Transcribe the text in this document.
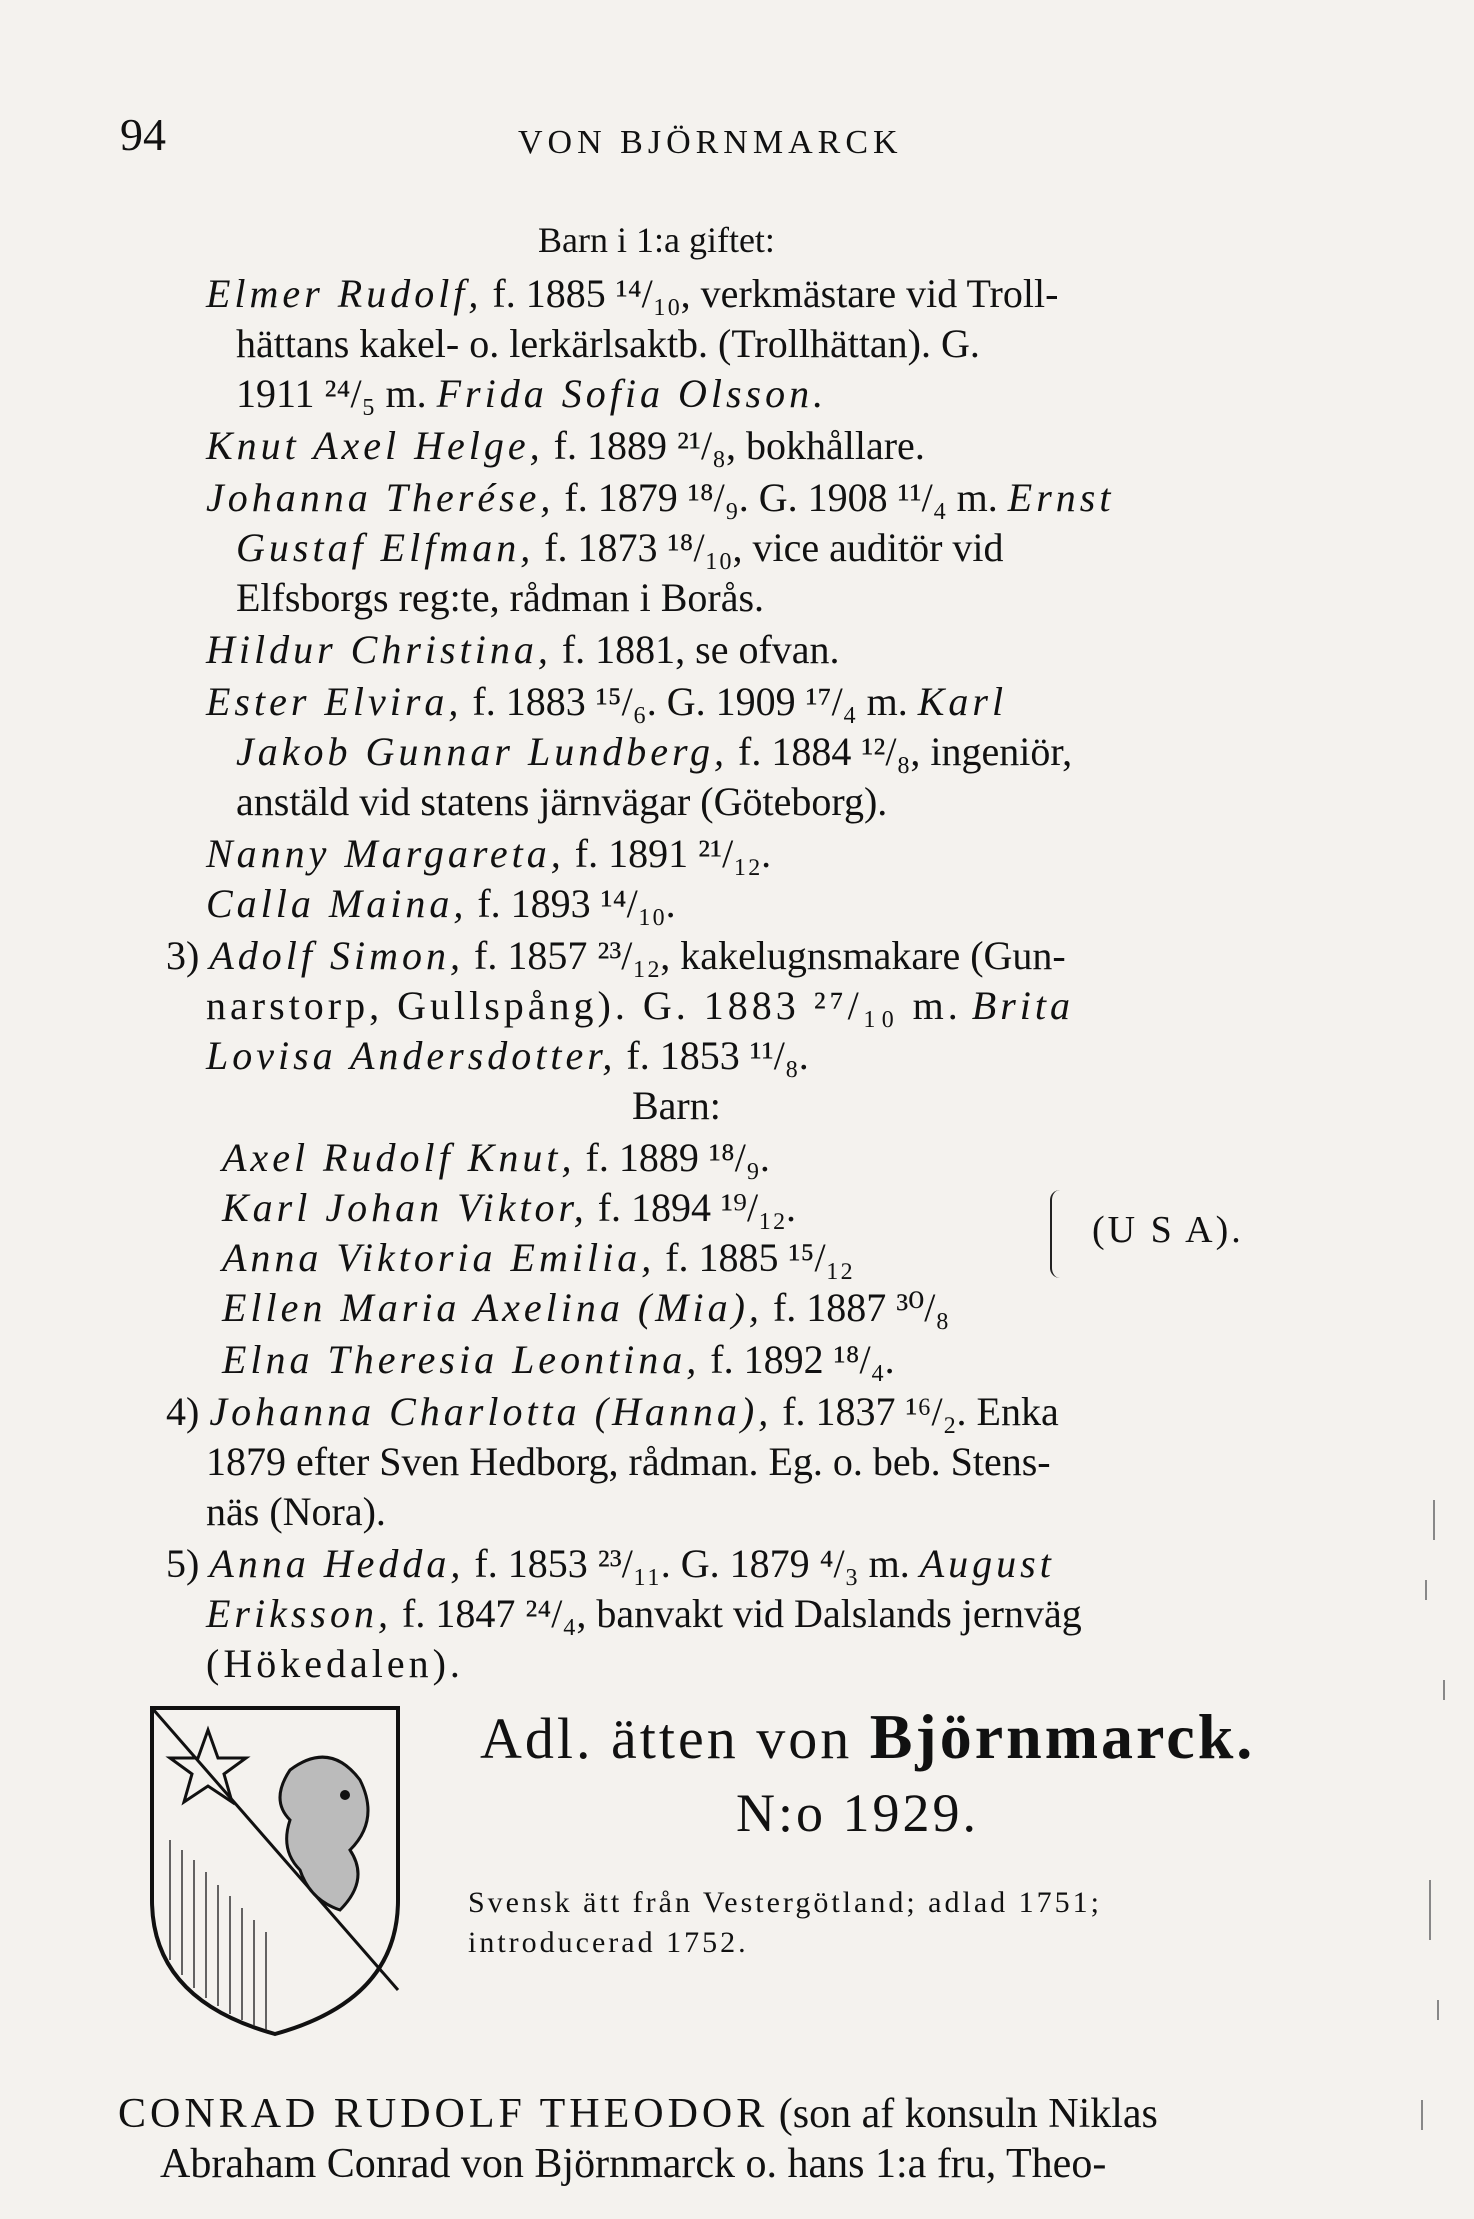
94	VON BJÖRNMARCK
Barn i 1:a giftet:
Elmer Rudolf, f. 1885 ¹⁴/₁₀, verkmästare vid Troll-
hättans kakel- o. lerkärlsaktb. (Trollhättan). G.
1911 ²⁴/₅ m. Frida Sofia Olsson.
Knut Axel Helge, f. 1889 ²¹/₈, bokhållare.
Johanna Therése, f. 1879 ¹⁸/₉. G. 1908 ¹¹/₄ m. Ernst
Gustaf Elfman, f. 1873 ¹⁸/₁₀, vice auditör vid
Elfsborgs reg:te, rådman i Borås.
Hildur Christina, f. 1881, se ofvan.
Ester Elvira, f. 1883 ¹⁵/₆. G. 1909 ¹⁷/₄ m. Karl
Jakob Gunnar Lundberg, f. 1884 ¹²/₈, ingeniör,
anstäld vid statens järnvägar (Göteborg).
Nanny Margareta, f. 1891 ²¹/₁₂.
Calla Maina, f. 1893 ¹⁴/₁₀.
3) Adolf Simon, f. 1857 ²³/₁₂, kakelugnsmakare (Gun-
narstorp, Gullspång). G. 1883 ²⁷/₁₀ m. Brita
Lovisa Andersdotter, f. 1853 ¹¹/₈.
Barn:
Axel Rudolf Knut, f. 1889 ¹⁸/₉.
Karl Johan Viktor, f. 1894 ¹⁹/₁₂.
Anna Viktoria Emilia, f. 1885 ¹⁵/₁₂
Ellen Maria Axelina (Mia), f. 1887 ³⁰/₈
(U S A).
Elna Theresia Leontina, f. 1892 ¹⁸/₄.
4) Johanna Charlotta (Hanna), f. 1837 ¹⁶/₂. Enka
1879 efter Sven Hedborg, rådman. Eg. o. beb. Stens-
näs (Nora).
5) Anna Hedda, f. 1853 ²³/₁₁. G. 1879 ⁴/₃ m. August
Eriksson, f. 1847 ²⁴/₄, banvakt vid Dalslands jernväg
(Hökedalen).
Adl. ätten von Björnmarck.
N:o 1929.
Svensk ätt från Vestergötland; adlad 1751;
introducerad 1752.
CONRAD RUDOLF THEODOR (son af konsuln Niklas
Abraham Conrad von Björnmarck o. hans 1:a fru, Theo-
